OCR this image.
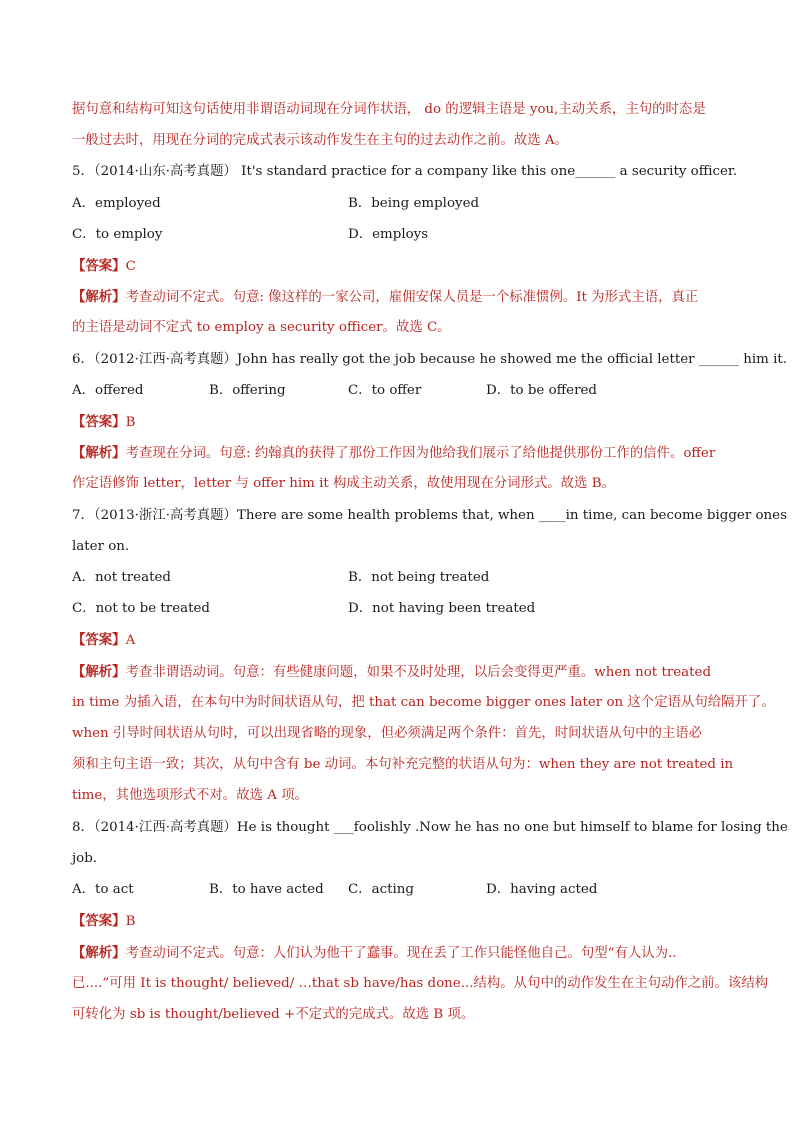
据句意和结构可知这句话使用非谓语动词现在分词作状语， do 的逻辑主语是 you,主动关系，主句的时态是
一般过去时，用现在分词的完成式表示该动作发生在主句的过去动作之前。故选 A。
5．（2014·山东·高考真题） It's standard practice for a company like this one______ a security officer.
A．employed	B．being employed
C．to employ	D．employs
【答案】C
【解析】考查动词不定式。句意: 像这样的一家公司，雇佣安保人员是一个标准惯例。It 为形式主语，真正
的主语是动词不定式 to employ a security officer。故选 C。
6．（2012·江西·高考真题）John has really got the job because he showed me the official letter ______ him it.
A．offered	B．offering	C．to offer	D．to be offered
【答案】B
【解析】考查现在分词。句意: 约翰真的获得了那份工作因为他给我们展示了给他提供那份工作的信件。offer
作定语修饰 letter，letter 与 offer him it 构成主动关系，故使用现在分词形式。故选 B。
7．（2013·浙江·高考真题）There are some health problems that, when ____in time, can become bigger ones
later on.
A．not treated	B．not being treated
C．not to be treated	D．not having been treated
【答案】A
【解析】考查非谓语动词。句意：有些健康问题，如果不及时处理，以后会变得更严重。when not treated
in time 为插入语，在本句中为时间状语从句，把 that can become bigger ones later on 这个定语从句给隔开了。
when 引导时间状语从句时，可以出现省略的现象，但必须满足两个条件：首先，时间状语从句中的主语必
须和主句主语一致；其次，从句中含有 be 动词。本句补充完整的状语从句为：when they are not treated in
time，其他选项形式不对。故选 A 项。
8．（2014·江西·高考真题）He is thought ___foolishly .Now he has no one but himself to blame for losing the
job.
A．to act	B．to have acted C．acting	D．having acted
【答案】B
【解析】考查动词不定式。句意：人们认为他干了蠢事。现在丢了工作只能怪他自己。句型“有人认为..
已....”可用 It is thought/ believed/ …that sb have/has done...结构。从句中的动作发生在主句动作之前。该结构
可转化为 sb is thought/believed +不定式的完成式。故选 B 项。
